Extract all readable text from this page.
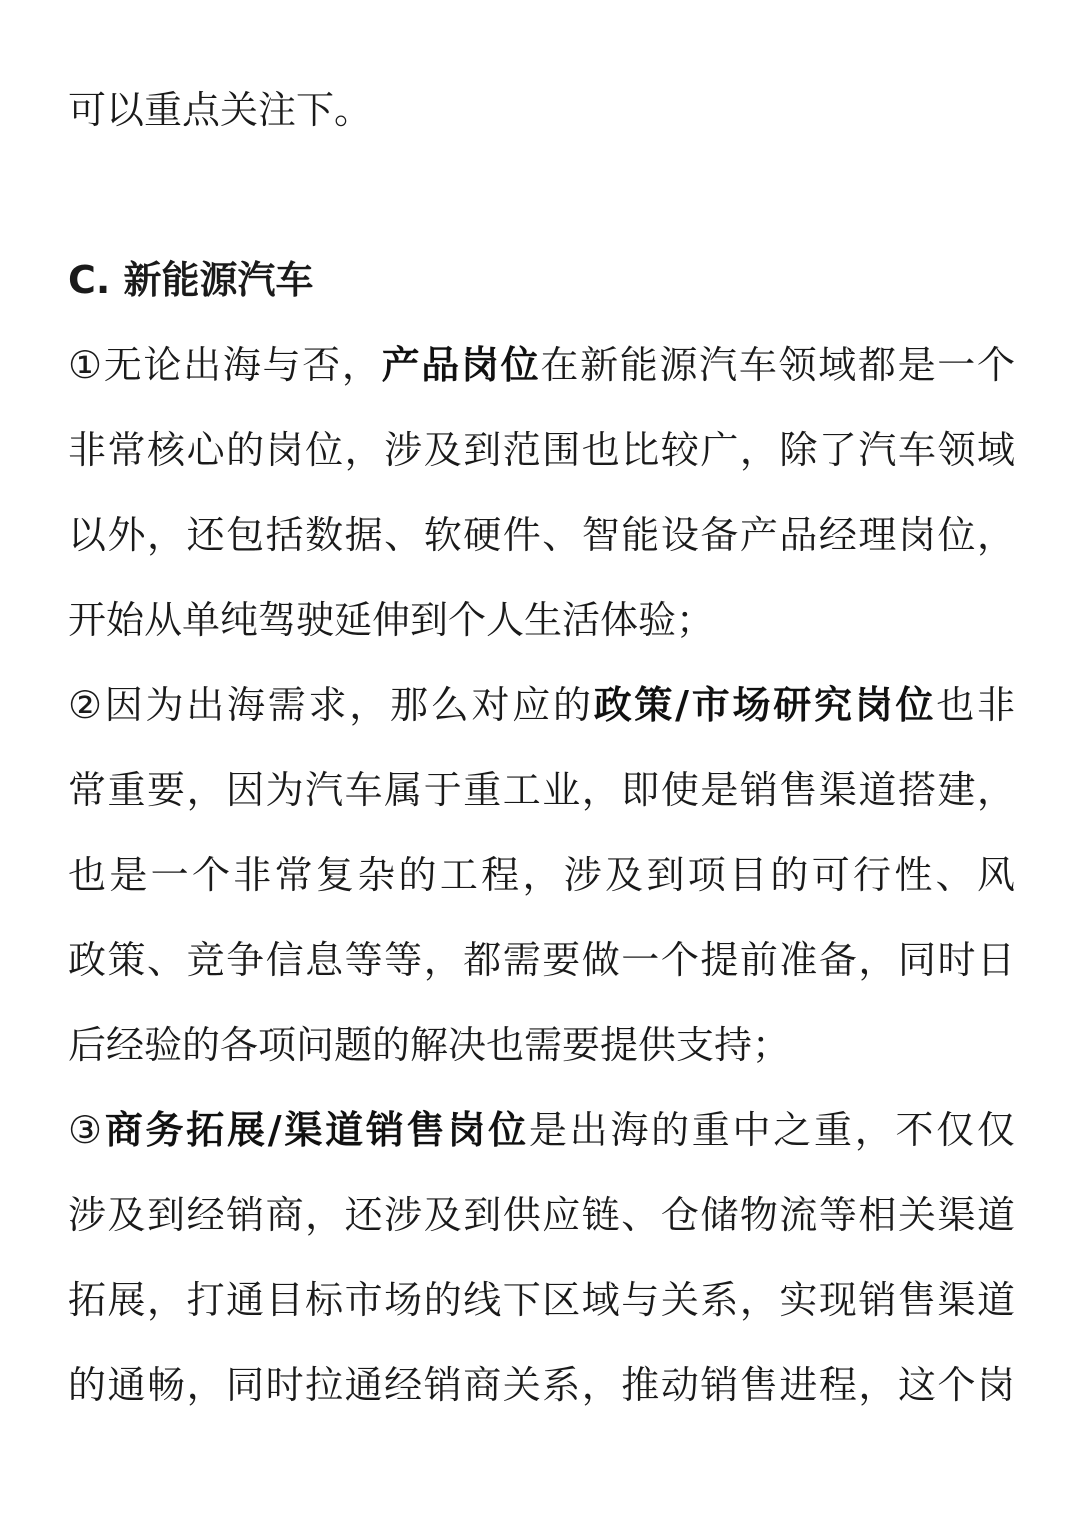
可以重点关注下。
C. 新能源汽车
①无论出海与否，产品岗位在新能源汽车领域都是一个
非常核心的岗位，涉及到范围也比较广，除了汽车领域
以外，还包括数据、软硬件、智能设备产品经理岗位，
开始从单纯驾驶延伸到个人生活体验；
②因为出海需求，那么对应的政策/市场研究岗位也非
常重要，因为汽车属于重工业，即使是销售渠道搭建，
也是一个非常复杂的工程，涉及到项目的可行性、风
政策、竞争信息等等，都需要做一个提前准备，同时日
后经验的各项问题的解决也需要提供支持；
③商务拓展/渠道销售岗位是出海的重中之重，不仅仅
涉及到经销商，还涉及到供应链、仓储物流等相关渠道
拓展，打通目标市场的线下区域与关系，实现销售渠道
的通畅，同时拉通经销商关系，推动销售进程，这个岗
